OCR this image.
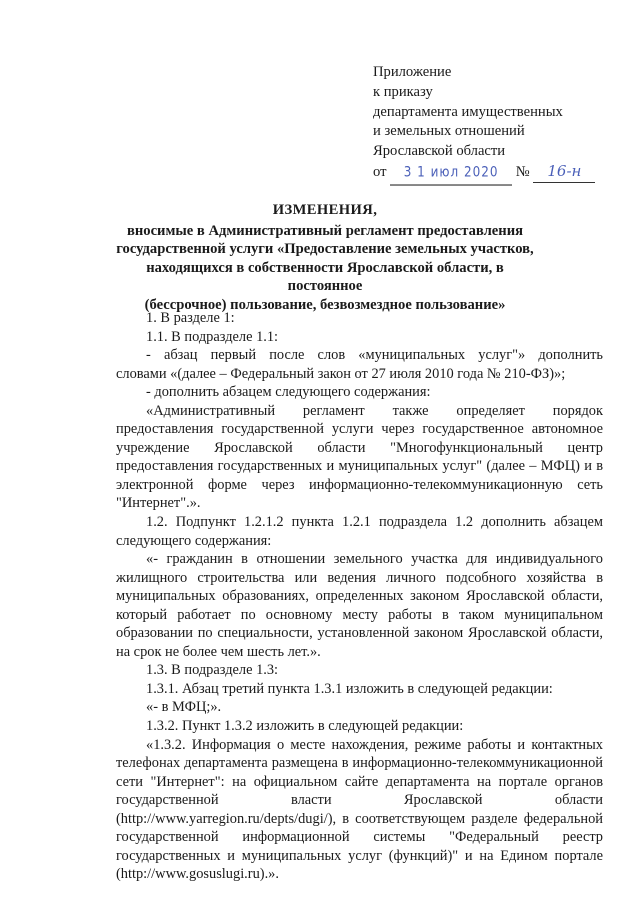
Приложение
к приказу
департамента имущественных
и земельных отношений
Ярославской области
от 3 1 июл 2020 № 16-н
ИЗМЕНЕНИЯ,
вносимые в Административный регламент предоставления
государственной услуги «Предоставление земельных участков,
находящихся в собственности Ярославской области, в постоянное
(бессрочное) пользование, безвозмездное пользование»

1. В разделе 1:

1.1. В подразделе 1.1:

- абзац первый после слов «муниципальных услуг"» дополнить

словами «(далее – Федеральный закон от 27 июля 2010 года № 210-ФЗ)»;

- дополнить абзацем следующего содержания:

«Административный регламент также определяет порядок предоставления государственной услуги через государственное автономное учреждение Ярославской области "Многофункциональный центр предоставления государственных и муниципальных услуг" (далее – МФЦ) и в электронной форме через информационно-телекоммуникационную сеть "Интернет".».

1.2. Подпункт 1.2.1.2 пункта 1.2.1 подраздела 1.2 дополнить абзацем следующего содержания:

«- гражданин в отношении земельного участка для индивидуального жилищного строительства или ведения личного подсобного хозяйства в муниципальных образованиях, определенных законом Ярославской области, который работает по основному месту работы в таком муниципальном образовании по специальности, установленной законом Ярославской области, на срок не более чем шесть лет.».

1.3. В подразделе 1.3:

1.3.1. Абзац третий пункта 1.3.1 изложить в следующей редакции:

«- в МФЦ;».

1.3.2. Пункт 1.3.2 изложить в следующей редакции:

«1.3.2. Информация о месте нахождения, режиме работы и контактных телефонах департамента размещена в информационно-телекоммуникационной сети "Интернет": на официальном сайте департамента на портале органов государственной власти Ярославской области (http://www.yarregion.ru/depts/dugi/), в соответствующем разделе федеральной государственной информационной системы "Федеральный реестр государственных и муниципальных услуг (функций)" и на Едином портале (http://www.gosuslugi.ru).».
